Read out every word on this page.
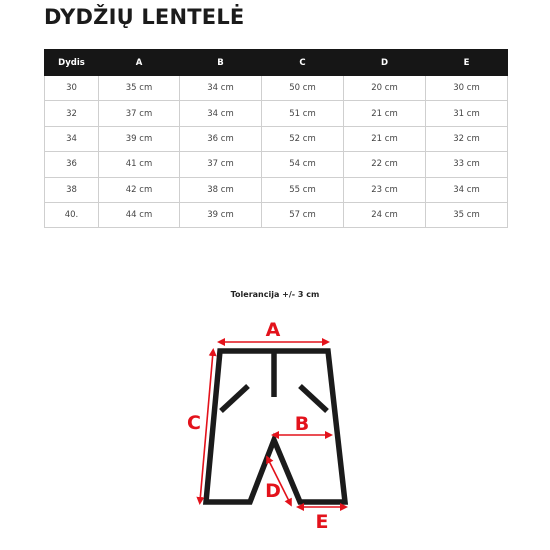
DYDŽIŲ LENTELĖ
Dydis	A	B	C	D	E
30	35 cm	34 cm	50 cm	20 cm	30 cm
32	37 cm	34 cm	51 cm	21 cm	31 cm
34	39 cm	36 cm	52 cm	21 cm	32 cm
36	41 cm	37 cm	54 cm	22 cm	33 cm
38	42 cm	38 cm	55 cm	23 cm	34 cm
40.	44 cm	39 cm	57 cm	24 cm	35 cm
Tolerancija +/- 3 cm
A
B
C
D
E
